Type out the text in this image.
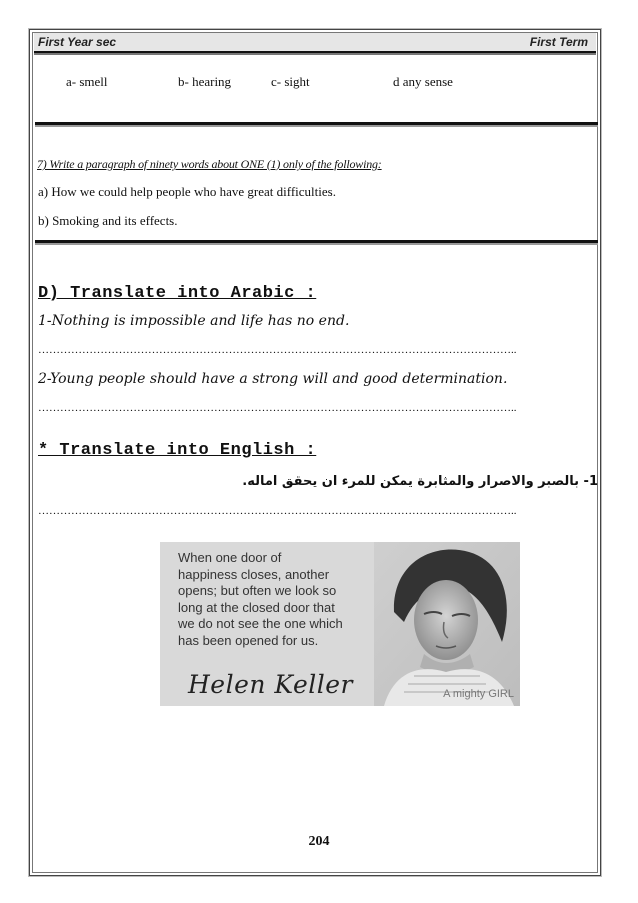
First Year sec	First Term
a- smell	b- hearing	c- sight	d any sense
7) Write a paragraph of ninety words about ONE (1) only of the following:
a) How we could help people who have great difficulties.
b) Smoking and its effects.
D) Translate into Arabic :
1-Nothing is impossible and life has no end.
…………………………………………………………………………………………………………………..
2-Young people should have a strong will and good determination.
…………………………………………………………………………………………………………………..
* Translate into English :
1- بالصبر والاصرار والمثابرة يمكن للمرء ان يحقق اماله.
…………………………………………………………………………………………………………………..
When one door of
happiness closes, another
opens; but often we look so
long at the closed door that
we do not see the one which
has been opened for us.
Helen Keller	A mighty GIRL
204
